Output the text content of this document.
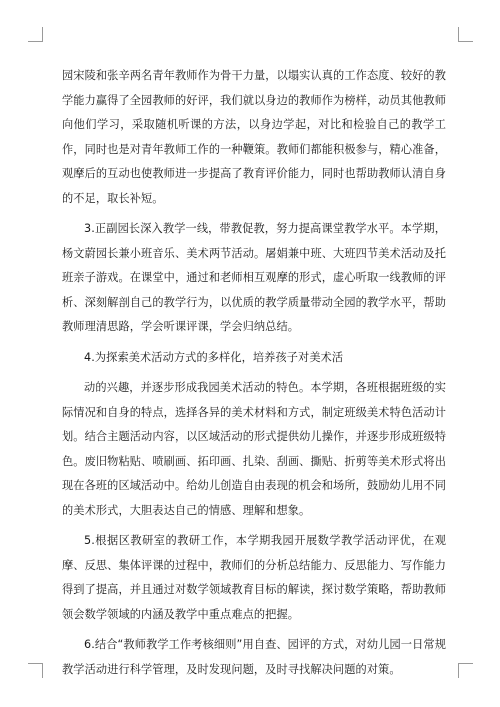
园宋陵和张辛两名青年教师作为骨干力量，以塌实认真的工作态度、较好的教学能力赢得了全园教师的好评，我们就以身边的教师作为榜样，动员其他教师向他们学习，采取随机听课的方法，以身边学起，对比和检验自己的教学工作，同时也是对青年教师工作的一种鞭策。教师们都能积极参与，精心准备，观摩后的互动也使教师进一步提高了教育评价能力，同时也帮助教师认清自身的不足，取长补短。

3.正副园长深入教学一线，带教促教，努力提高课堂教学水平。本学期，杨文蔚园长兼小班音乐、美术两节活动。屠娟兼中班、大班四节美术活动及托班亲子游戏。在课堂中，通过和老师相互观摩的形式，虚心听取一线教师的评析、深刻解剖自己的教学行为，以优质的教学质量带动全园的教学水平，帮助教师理清思路，学会听课评课，学会归纳总结。

4.为探索美术活动方式的多样化，培养孩子对美术活

动的兴趣，并逐步形成我园美术活动的特色。本学期，各班根据班级的实际情况和自身的特点，选择各异的美术材料和方式，制定班级美术特色活动计划。结合主题活动内容，以区域活动的形式提供幼儿操作，并逐步形成班级特色。废旧物粘贴、喷刷画、拓印画、扎染、刮画、撕贴、折剪等美术形式将出现在各班的区域活动中。给幼儿创造自由表现的机会和场所，鼓励幼儿用不同的美术形式，大胆表达自己的情感、理解和想象。

5.根据区教研室的教研工作，本学期我园开展数学教学活动评优，在观摩、反思、集体评课的过程中，教师们的分析总结能力、反思能力、写作能力得到了提高，并且通过对数学领域教育目标的解读，探讨数学策略，帮助教师领会数学领域的内涵及教学中重点难点的把握。

6.结合“教师教学工作考核细则”用自查、园评的方式，对幼儿园一日常规教学活动进行科学管理，及时发现问题，及时寻找解决问题的对策。
